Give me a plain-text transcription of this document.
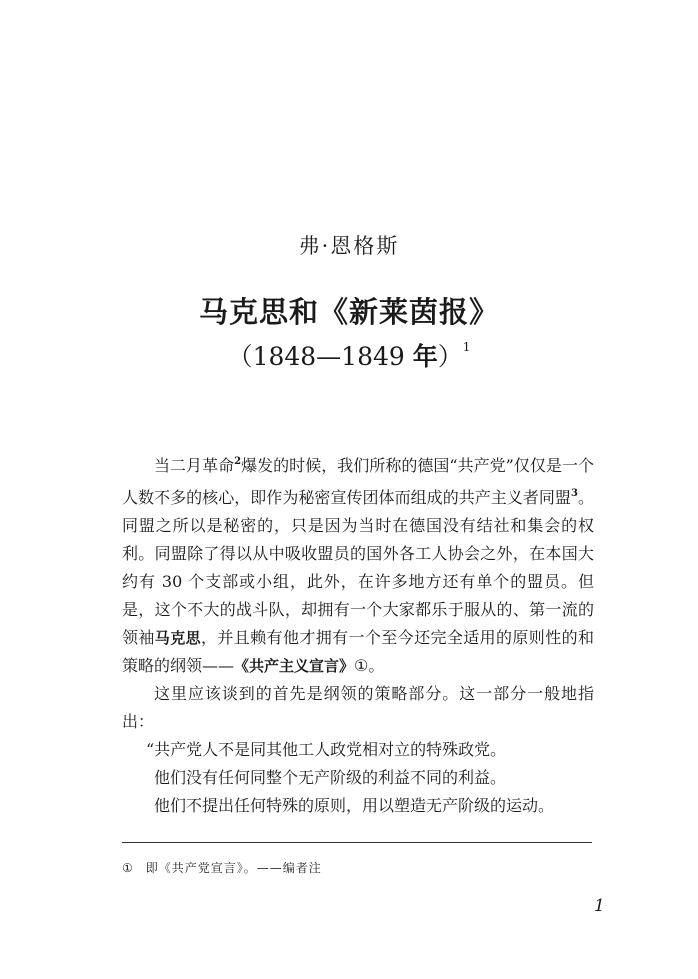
弗·恩格斯
马克思和《新莱茵报》
（1848—1849 年）$^1$

当二月革命$^2$爆发的时候，我们所称的德国“共产党”仅仅是一个人数不多的核心，即作为秘密宣传团体而组成的共产主义者同盟$^3$。同盟之所以是秘密的，只是因为当时在德国没有结社和集会的权利。同盟除了得以从中吸收盟员的国外各工人协会之外，在本国大约有 30 个支部或小组，此外，在许多地方还有单个的盟员。但是，这个不大的战斗队，却拥有一个大家都乐于服从的、第一流的领袖马克思，并且赖有他才拥有一个至今还完全适用的原则性的和策略的纲领——《共产主义宣言》①。

这里应该谈到的首先是纲领的策略部分。这一部分一般地指出：

“共产党人不是同其他工人政党相对立的特殊政党。

他们没有任何同整个无产阶级的利益不同的利益。

他们不提出任何特殊的原则，用以塑造无产阶级的运动。

① 即《共产党宣言》。——编者注
1
